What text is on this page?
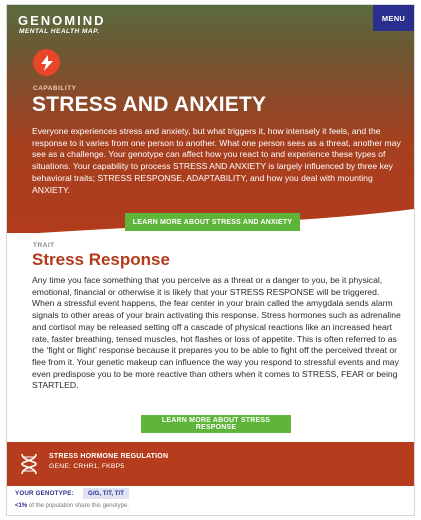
GENOMIND
MENTAL HEALTH MAP.
MENU
CAPABILITY
STRESS AND ANXIETY
Everyone experiences stress and anxiety, but what triggers it, how intensely it feels, and the response to it varies from one person to another. What one person sees as a threat, another may see as a challenge. Your genotype can affect how you react to and experience these types of situations. Your capability to process STRESS AND ANXIETY is largely influenced by three key behavioral traits; STRESS RESPONSE, ADAPTABILITY, and how you deal with mounting ANXIETY.
LEARN MORE ABOUT STRESS AND ANXIETY
TRAIT
Stress Response
Any time you face something that you perceive as a threat or a danger to you, be it physical, emotional, financial or otherwise it is likely that your STRESS RESPONSE will be triggered. When a stressful event happens, the fear center in your brain called the amygdala sends alarm signals to other areas of your brain activating this response. Stress hormones such as adrenaline and cortisol may be released setting off a cascade of physical reactions like an increased heart rate, faster breathing, tensed muscles, hot flashes or loss of appetite. This is often referred to as the ‘fight or flight’ response because it prepares you to be able to fight off the perceived threat or flee from it. Your genetic makeup can influence the way you respond to stressful events and may even predispose you to be more reactive than others when it comes to STRESS, FEAR or being STARTLED.
LEARN MORE ABOUT STRESS RESPONSE
STRESS HORMONE REGULATION
GENE: CRHR1, FKBP5
YOUR GENOTYPE:	G/G, T/T, T/T
<1% of the population share this genotype.
